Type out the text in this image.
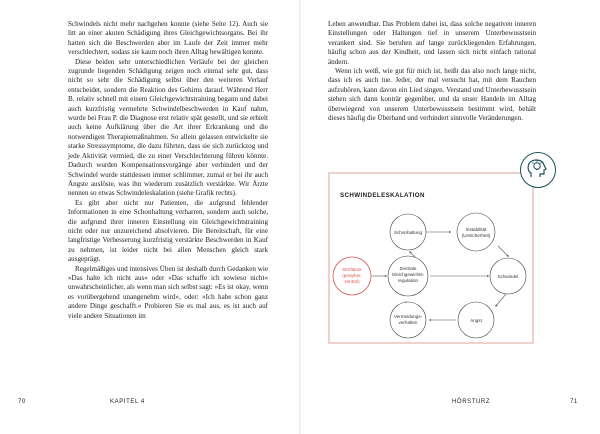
Schwindels nicht mehr nachgehen konnte (siehe Seite 12). Auch sie litt an einer akuten Schädigung ihres Gleichgewichtsorgans. Bei ihr hatten sich die Beschwerden aber im Laufe der Zeit immer mehr verschlechtert, sodass sie kaum noch ihren Alltag bewältigen konnte.

Diese beiden sehr unterschiedlichen Verläufe bei der gleichen zugrunde liegenden Schädigung zeigen noch einmal sehr gut, dass nicht so sehr die Schädigung selbst über den weiteren Verlauf entscheidet, sondern die Reaktion des Gehirns darauf. Während Herr B. relativ schnell mit einem Gleichgewichtstraining begann und dabei auch kurzfristig vermehrte Schwindelbeschwerden in Kauf nahm, wurde bei Frau P. die Diagnose erst relativ spät gestellt, und sie erhielt auch keine Aufklärung über die Art ihrer Erkrankung und die notwendigen Therapiemaßnahmen. So allein gelassen entwickelte sie starke Stresssymptome, die dazu führten, dass sie sich zurückzog und jede Aktivität vermied, die zu einer Verschlechterung führen könnte. Dadurch wurden Kompensationsvorgänge aber verhindert und der Schwindel wurde stattdessen immer schlimmer, zumal er bei ihr auch Ängste auslöste, was ihn wiederum zusätzlich verstärkte. Wir Ärzte nennen so etwas Schwindeleskalation (siehe Grafik rechts).

Es gibt aber nicht nur Patienten, die aufgrund fehlender Informationen in eine Schonhaltung verharren, sondern auch solche, die aufgrund ihrer inneren Einstellung ein Gleichgewichtstraining nicht oder nur unzureichend absolvieren. Die Bereitschaft, für eine langfristige Verbesserung kurzfristig verstärkte Beschwerden in Kauf zu nehmen, ist leider nicht bei allen Menschen gleich stark ausgeprägt.

Regelmäßiges und intensives Üben ist deshalb durch Gedanken wie »Das halte ich nicht aus« oder »Das schaffe ich sowieso nicht« unwahrscheinlicher, als wenn man sich selbst sagt: »Es ist okay, wenn es vorübergehend unangenehm wird«, oder: »Ich habe schon ganz andere Dinge geschafft.« Probieren Sie es mal aus, es ist auch auf viele andere Situationen im

70	KAPITEL 4

Leben anwendbar. Das Problem dabei ist, dass solche negativen inneren Einstellungen oder Haltungen tief in unserem Unterbewusstsein verankert sind. Sie beruhen auf lange zurückliegenden Erfahrungen, häufig schon aus der Kindheit, und lassen sich nicht einfach rational ändern.

Wenn ich weiß, wie gut für mich ist, heißt das also noch lange nicht, dass ich es auch tue. Jeder, der mal versucht hat, mit dem Rauchen aufzuhören, kann davon ein Lied singen. Verstand und Unterbewusstsein stehen sich dann konträr gegenüber, und da unser Handeln im Alltag überwiegend von unserem Unterbewusstsein bestimmt wird, behält dieses häufig die Überhand und verhindert sinnvolle Veränderungen.

SCHWINDELESKALATION
Schonhaltung
Instabilität
(Unsicherheit)
Störfaktor
(peripher,
zentral)
Zentrale
Gleichgewichts-
regulation
Schwindel
Vermeidungs-
verhalten	Angst
HÖRSTURZ	71
